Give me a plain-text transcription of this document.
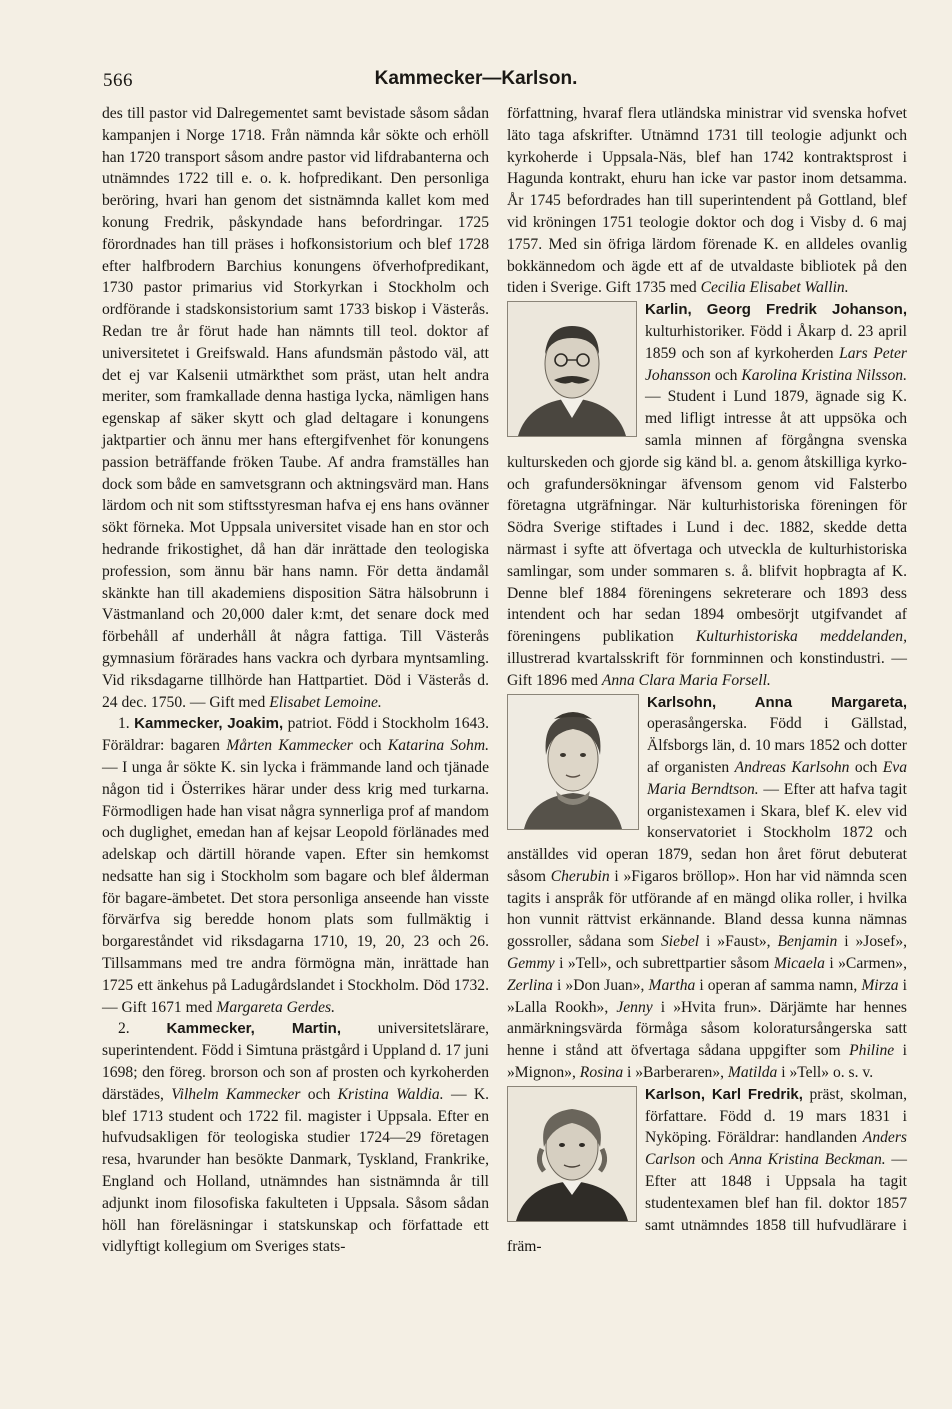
566	Kammecker—Karlson.

des till pastor vid Dalregementet samt bevistade såsom sådan kampanjen i Norge 1718. Från nämnda kår sökte och erhöll han 1720 transport såsom andre pastor vid lifdrabanterna och utnämndes 1722 till e. o. k. hofpredikant. Den personliga beröring, hvari han genom det sistnämnda kallet kom med konung Fredrik, påskyndade hans befordringar. 1725 förordnades han till präses i hofkonsistorium och blef 1728 efter halfbrodern Barchius konungens öfverhofpredikant, 1730 pastor primarius vid Storkyrkan i Stockholm och ordförande i stadskonsistorium samt 1733 biskop i Västerås. Redan tre år förut hade han nämnts till teol. doktor af universitetet i Greifswald. Hans afundsmän påstodo väl, att det ej var Kalsenii utmärkthet som präst, utan helt andra meriter, som framkallade denna hastiga lycka, nämligen hans egenskap af säker skytt och glad deltagare i konungens jaktpartier och ännu mer hans eftergifvenhet för konungens passion beträffande fröken Taube. Af andra framställes han dock som både en samvetsgrann och aktningsvärd man. Hans lärdom och nit som stiftsstyresman hafva ej ens hans ovänner sökt förneka. Mot Uppsala universitet visade han en stor och hedrande frikostighet, då han där inrättade den teologiska profession, som ännu bär hans namn. För detta ändamål skänkte han till akademiens disposition Sätra hälsobrunn i Västmanland och 20,000 daler k:mt, det senare dock med förbehåll af underhåll åt några fattiga. Till Västerås gymnasium förärades hans vackra och dyrbara myntsamling. Vid riksdagarne tillhörde han Hattpartiet. Död i Västerås d. 24 dec. 1750. — Gift med Elisabet Lemoine.

1. Kammecker, Joakim, patriot. Född i Stockholm 1643. Föräldrar: bagaren Mårten Kammecker och Katarina Sohm. — I unga år sökte K. sin lycka i främmande land och tjänade någon tid i Österrikes härar under dess krig med turkarna. Förmodligen hade han visat några synnerliga prof af mandom och duglighet, emedan han af kejsar Leopold förlänades med adelskap och därtill hörande vapen. Efter sin hemkomst nedsatte han sig i Stockholm som bagare och blef ålderman för bagare-ämbetet. Det stora personliga anseende han visste förvärfva sig beredde honom plats som fullmäktig i borgareståndet vid riksdagarna 1710, 19, 20, 23 och 26. Tillsammans med tre andra förmögna män, inrättade han 1725 ett änkehus på Ladugårdslandet i Stockholm. Död 1732. — Gift 1671 med Margareta Gerdes.

2. Kammecker, Martin, universitetslärare, superintendent. Född i Simtuna prästgård i Uppland d. 17 juni 1698; den föreg. brorson och son af prosten och kyrkoherden därstädes, Vilhelm Kammecker och Kristina Waldia. — K. blef 1713 student och 1722 fil. magister i Uppsala. Efter en hufvudsakligen för teologiska studier 1724—29 företagen resa, hvarunder han besökte Danmark, Tyskland, Frankrike, England och Holland, utnämndes han sistnämnda år till adjunkt inom filosofiska fakulteten i Uppsala. Såsom sådan höll han föreläsningar i statskunskap och författade ett vidlyftigt kollegium om Sveriges stats-

författning, hvaraf flera utländska ministrar vid svenska hofvet läto taga afskrifter. Utnämnd 1731 till teologie adjunkt och kyrkoherde i Uppsala-Näs, blef han 1742 kontraktsprost i Hagunda kontrakt, ehuru han icke var pastor inom detsamma. År 1745 befordrades han till superintendent på Gottland, blef vid kröningen 1751 teologie doktor och dog i Visby d. 6 maj 1757. Med sin öfriga lärdom förenade K. en alldeles ovanlig bokkännedom och ägde ett af de utvaldaste bibliotek på den tiden i Sverige. Gift 1735 med Cecilia Elisabet Wallin.

Karlin, Georg Fredrik Johanson,
kulturhistoriker. Född i Åkarp d. 23 april 1859 och son af kyrkoherden Lars Peter Johansson och Karolina Kristina Nilsson. — Student i Lund 1879, ägnade sig K. med lifligt intresse åt att uppsöka och samla minnen af förgångna svenska kulturskeden och gjorde sig känd bl. a. genom åtskilliga kyrko- och grafundersökningar äfvensom genom vid Falsterbo företagna utgräfningar. När kulturhistoriska föreningen för Södra Sverige stiftades i Lund i dec. 1882, skedde detta närmast i syfte att öfvertaga och utveckla de kulturhistoriska samlingar, som under sommaren s. å. blifvit hopbragta af K. Denne blef 1884 föreningens sekreterare och 1893 dess intendent och har sedan 1894 ombesörjt utgifvandet af föreningens publikation Kulturhistoriska meddelanden, illustrerad kvartalsskrift för fornminnen och konstindustri. — Gift 1896 med Anna Clara Maria Forsell.

Karlsohn, Anna Margareta,
operasångerska. Född i Gällstad, Älfsborgs län, d. 10 mars 1852 och dotter af organisten Andreas Karlsohn och Eva Maria Berndtson. — Efter att hafva tagit organistexamen i Skara, blef K. elev vid konservatoriet i Stockholm 1872 och anställdes vid operan 1879, sedan hon året förut debuterat såsom Cherubin i »Figaros bröllop». Hon har vid nämnda scen tagits i anspråk för utförande af en mängd olika roller, i hvilka hon vunnit rättvist erkännande. Bland dessa kunna nämnas gossroller, sådana som Siebel i »Faust», Benjamin i »Josef», Gemmy i »Tell», och subrettpartier såsom Micaela i »Carmen», Zerlina i »Don Juan», Martha i operan af samma namn, Mirza i »Lalla Rookh», Jenny i »Hvita frun». Därjämte har hennes anmärkningsvärda förmåga såsom koloratursångerska satt henne i stånd att öfvertaga sådana uppgifter som Philine i »Mignon», Rosina i »Barberaren», Matilda i »Tell» o. s. v.

Karlson, Karl Fredrik, präst, skolman, författare. Född d. 19 mars 1831 i Nyköping. Föräldrar: handlanden Anders Carlson och Anna Kristina Beckman. — Efter att 1848 i Uppsala ha tagit studentexamen blef han fil. doktor 1857 samt utnämndes 1858 till hufvudlärare i främ-
